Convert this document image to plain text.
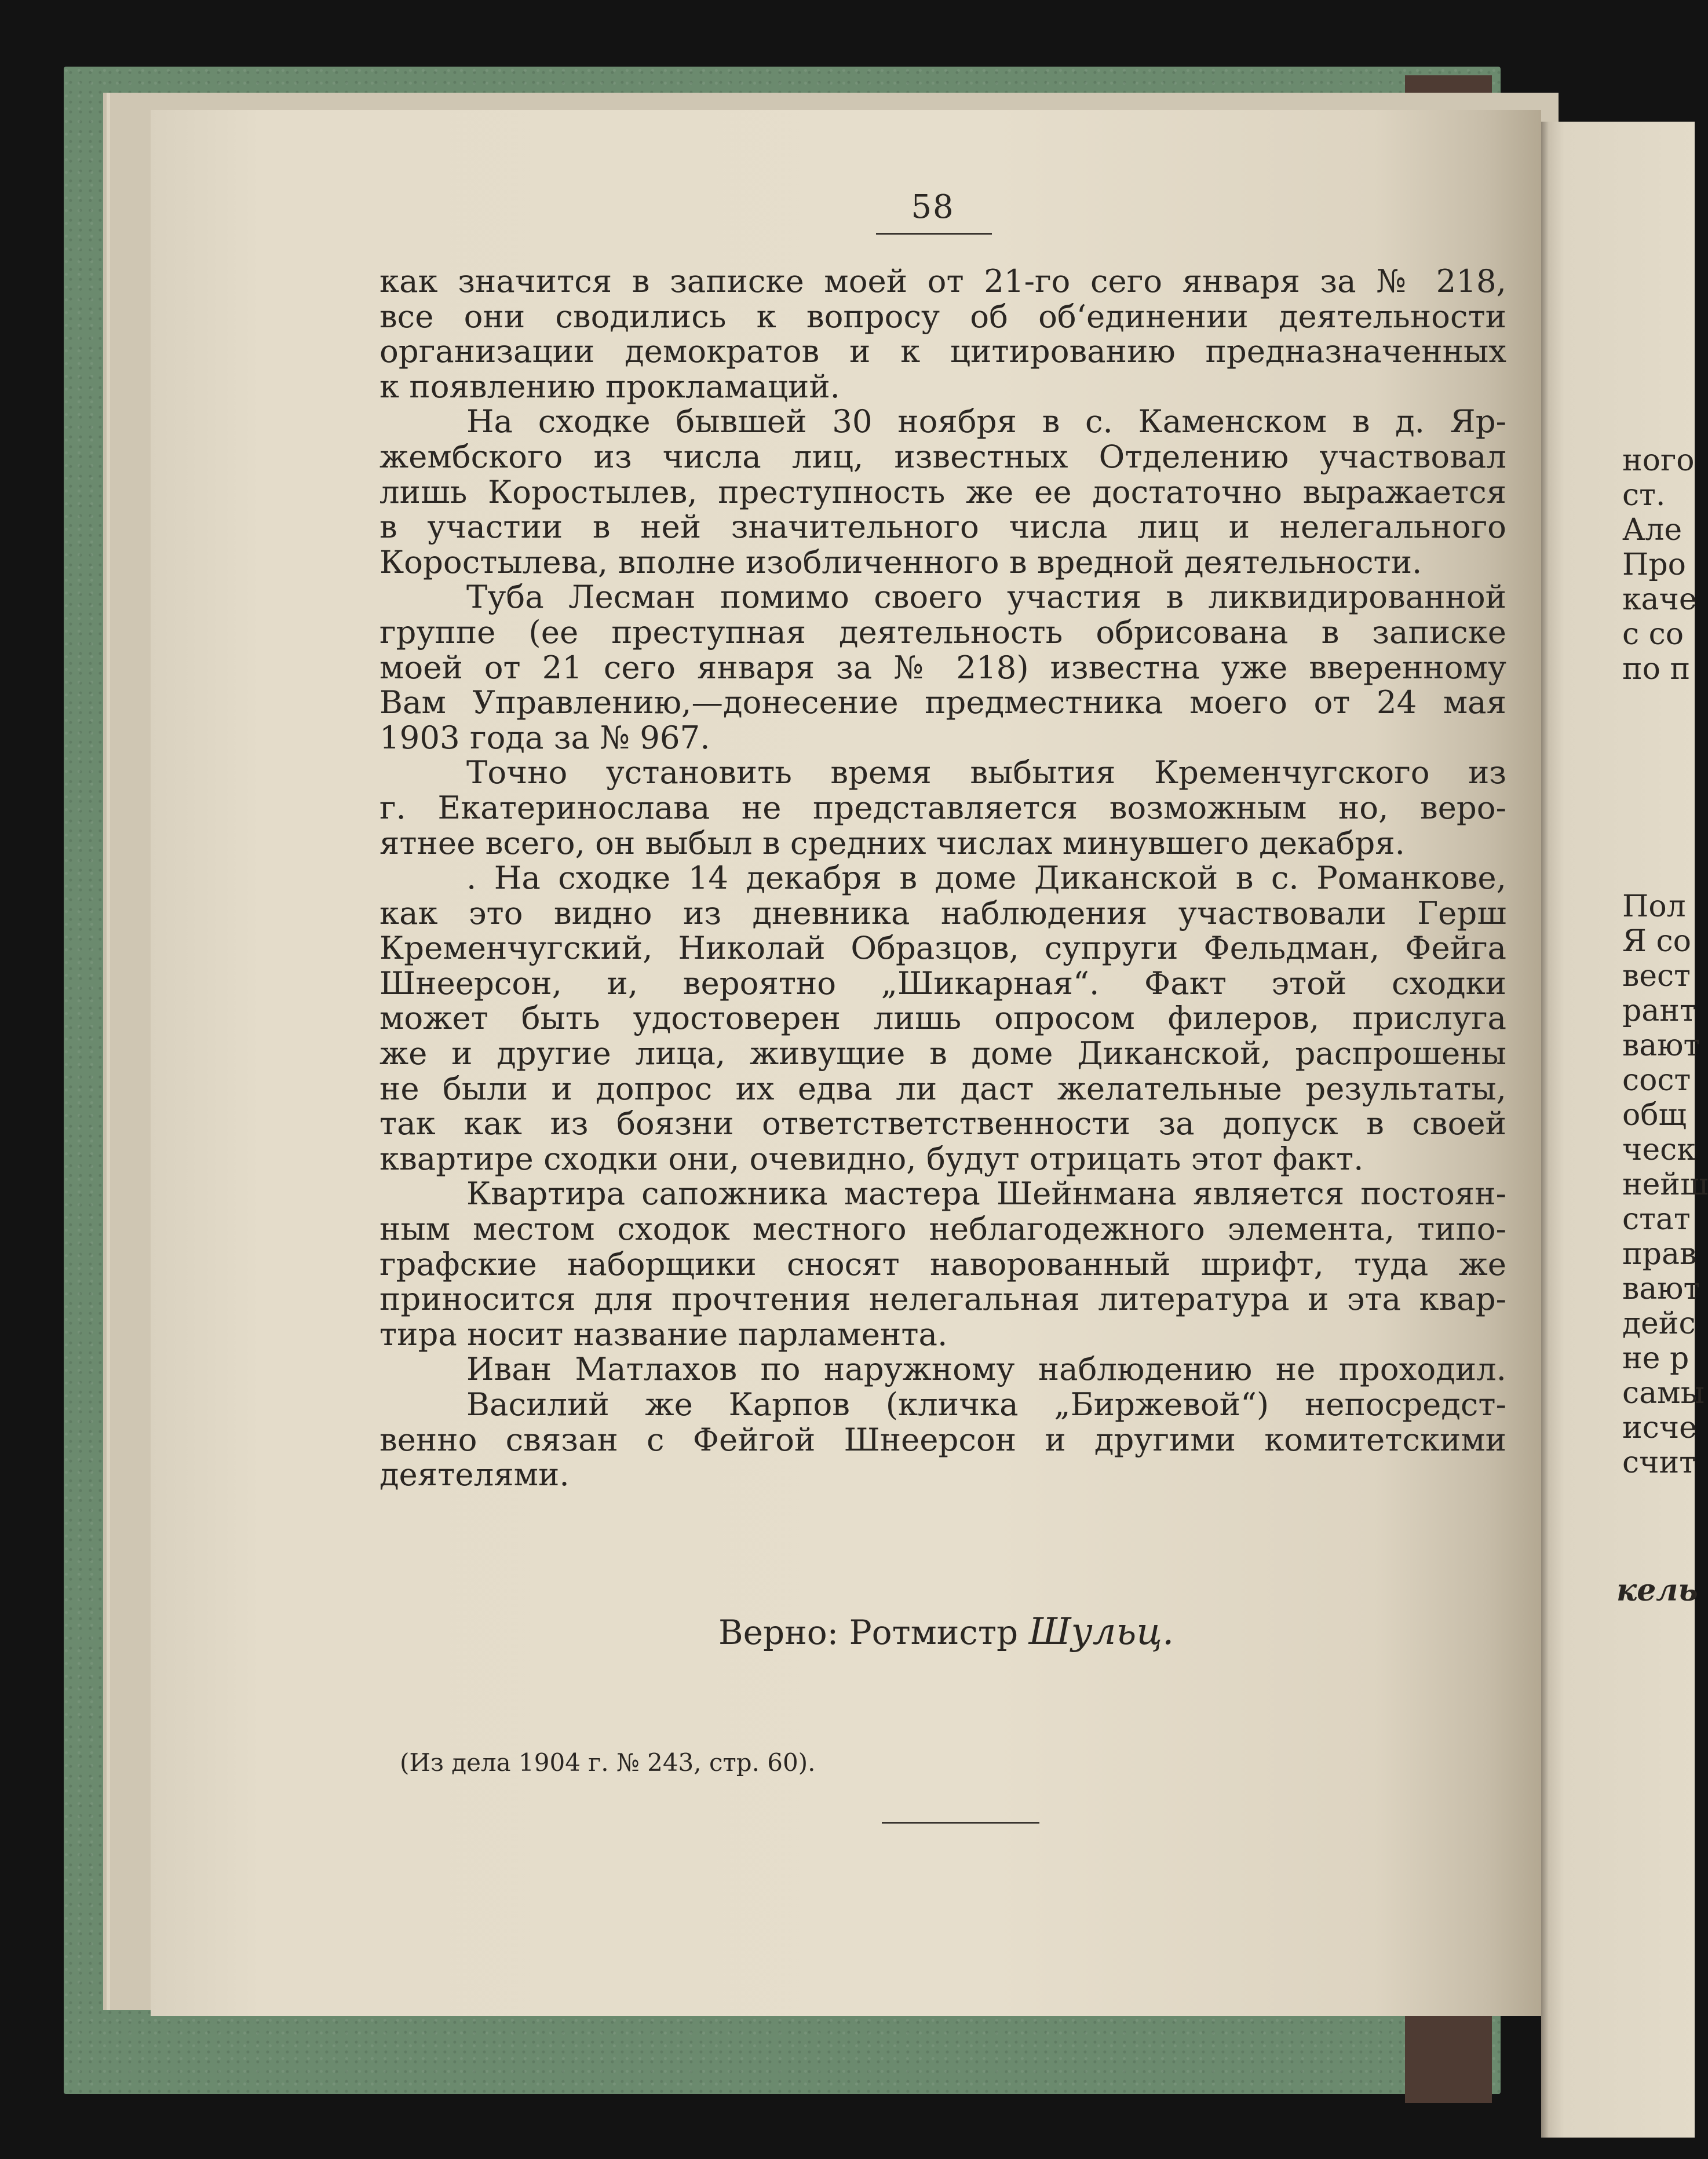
ного
ст.
Але
Про
каче
с со
по п
Пол
Я со
вест
рант
вают
сост
общ
ческ
нейш
стат
прав
вают
дейс
не р
самы
исче
счит
кель
58
как значится в записке моей от 21-го сего января за № 218,
все они сводились к вопросу об об‘единении деятельности
организации демократов и к цитированию предназначенных
к появлению прокламаций.
На сходке бывшей 30 ноября в с. Каменском в д. Яр-
жембского из числа лиц, известных Отделению участвовал
лишь Коростылев, преступность же ее достаточно выражается
в участии в ней значительного числа лиц и нелегального
Коростылева, вполне изобличенного в вредной деятельности.
Туба Лесман помимо своего участия в ликвидированной
группе (ее преступная деятельность обрисована в записке
моей от 21 сего января за № 218) известна уже вверенному
Вам Управлению,—донесение предместника моего от 24 мая
1903 года за № 967.
Точно установить время выбытия Кременчугского из
г. Екатеринослава не представляется возможным но, веро-
ятнее всего, он выбыл в средних числах минувшего декабря.
. На сходке 14 декабря в доме Диканской в с. Романкове,
как это видно из дневника наблюдения участвовали Герш
Кременчугский, Николай Образцов, супруги Фельдман, Фейга
Шнеерсон, и, вероятно „Шикарная“. Факт этой сходки
может быть удостоверен лишь опросом филеров, прислуга
же и другие лица, живущие в доме Диканской, распрошены
не были и допрос их едва ли даст желательные результаты,
так как из боязни ответстветственности за допуск в своей
квартире сходки они, очевидно, будут отрицать этот факт.
Квартира сапожника мастера Шейнмана является постоян-
ным местом сходок местного неблагодежного элемента, типо-
графские наборщики сносят наворованный шрифт, туда же
приносится для прочтения нелегальная литература и эта квар-
тира носит название парламента.
Иван Матлахов по наружному наблюдению не проходил.
Василий же Карпов (кличка „Биржевой“) непосредст-
венно связан с Фейгой Шнеерсон и другими комитетскими
деятелями.
Верно: Ротмистр Шульц.
(Из дела 1904 г. № 243, стр. 60).
